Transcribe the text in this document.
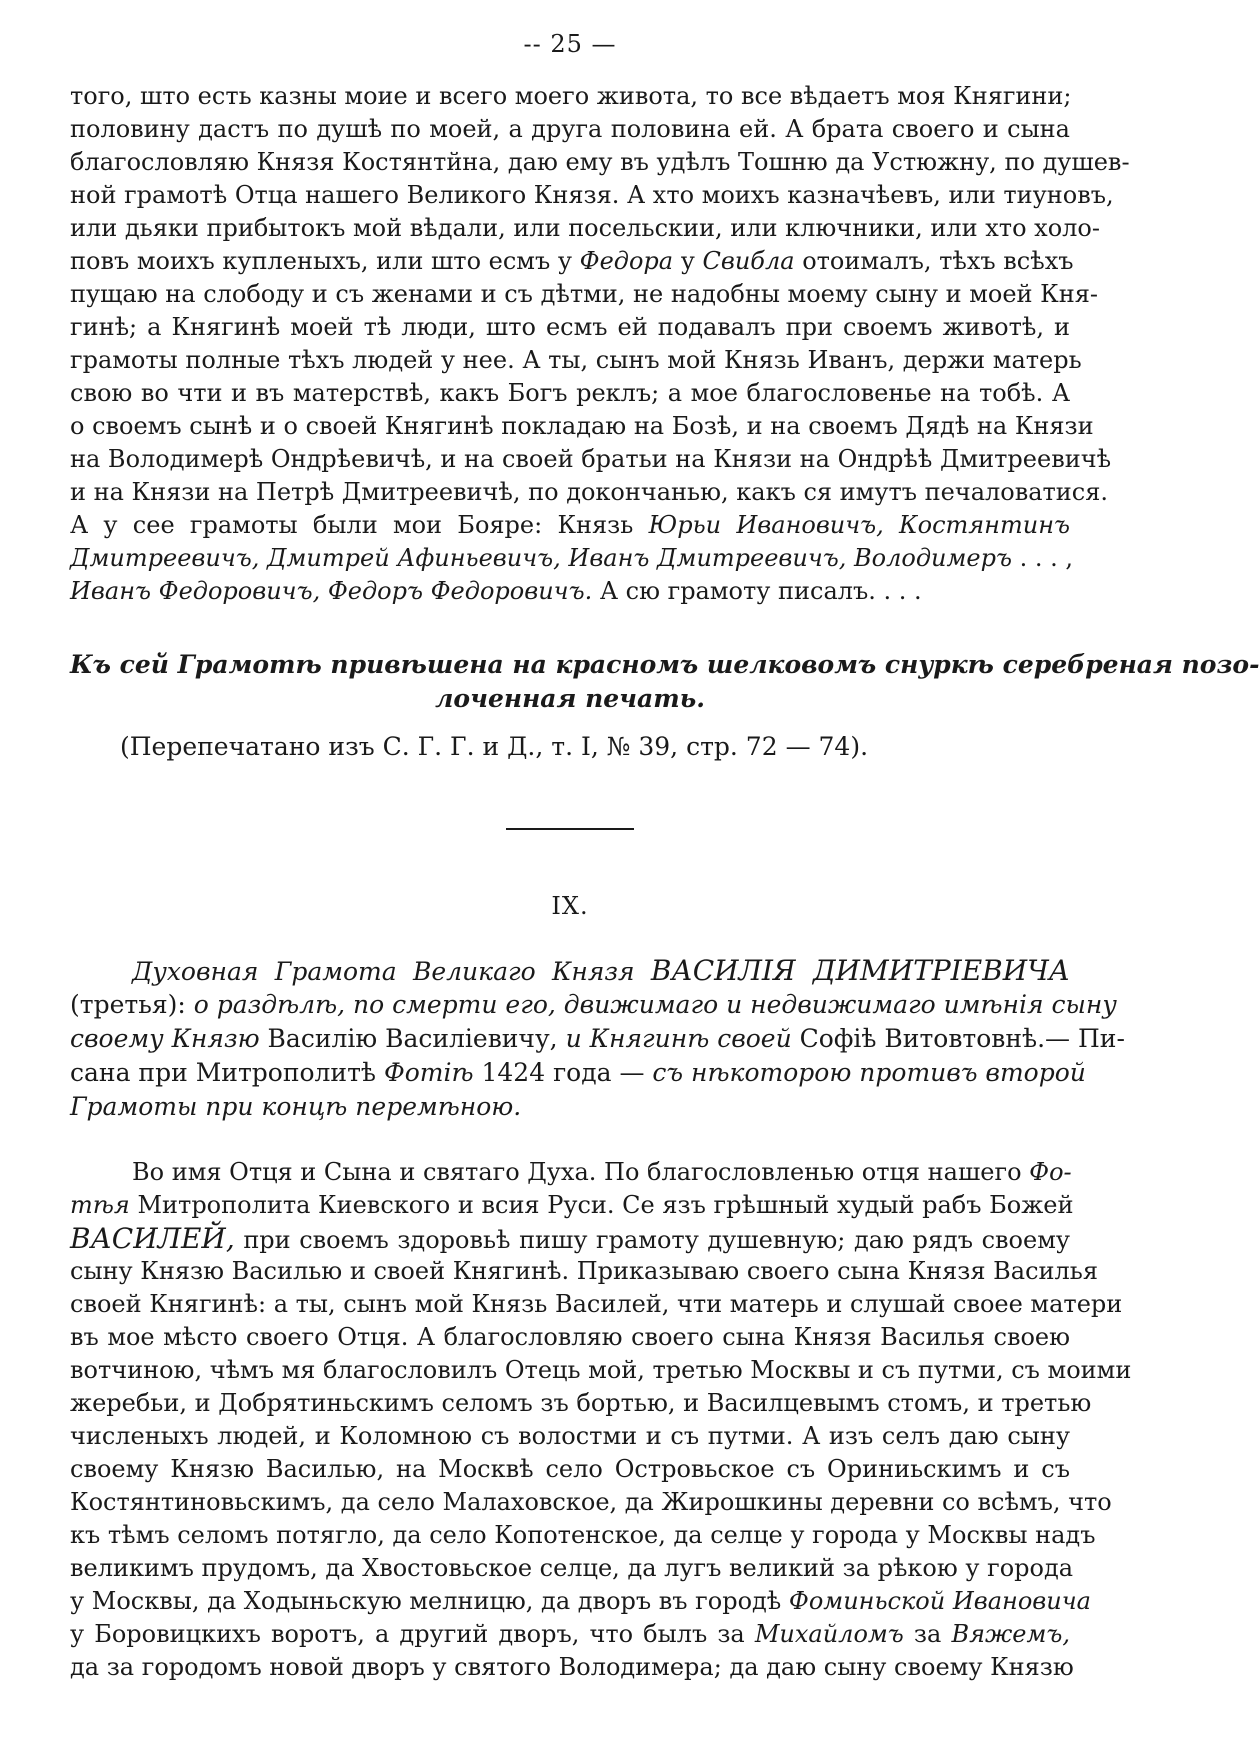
-- 25 —
того, што есть казны моие и всего моего живота, то все вѣдаетъ моя Княгини;
половину дастъ по душѣ по моей, а друга половина ей. А брата своего и сына
благословляю Князя Костянтйна, даю ему въ удѣлъ Тошню да Устюжну, по душев-
ной грамотѣ Отца нашего Великого Князя. А хто моихъ казначѣевъ, или тиуновъ,
или дьяки прибытокъ мой вѣдали, или посельскии, или ключники, или хто холо-
повъ моихъ купленыхъ, или што есмъ у Федора у Свибла отоималъ, тѣхъ всѣхъ
пущаю на слободу и съ женами и съ дѣтми, не надобны моему сыну и моей Кня-
гинѣ; а Княгинѣ моей тѣ люди, што есмъ ей подавалъ при своемъ животѣ, и
грамоты полные тѣхъ людей у нее. А ты, сынъ мой Князь Иванъ, держи матерь
свою во чти и въ матерствѣ, какъ Богъ реклъ; а мое благословенье на тобѣ. А
о своемъ сынѣ и о своей Княгинѣ покладаю на Бозѣ, и на своемъ Дядѣ на Князи
на Володимерѣ Ондрѣевичѣ, и на своей братьи на Князи на Ондрѣѣ Дмитреевичѣ
и на Князи на Петрѣ Дмитреевичѣ, по докончанью, какъ ся имутъ печаловатися.
А у сее грамоты были мои Бояре: Князь Юрьи Ивановичъ, Костянтинъ
Дмитреевичъ, Дмитрей Афиньевичъ, Иванъ Дмитреевичъ, Володимеръ . . . ,
Иванъ Федоровичъ, Федоръ Федоровичъ. А сю грамоту писалъ. . . .
Къ сей Грамотѣ привѣшена на красномъ шелковомъ снуркѣ серебреная позо-
лоченная печать.
(Перепечатано изъ С. Г. Г. и Д., т. I, № 39, стр. 72 — 74).
IX.
Духовная Грамота Великаго Князя ВАСИЛІЯ ДИМИТРІЕВИЧА
(третья): о раздѣлѣ, по смерти его, движимаго и недвижимаго имѣнія сыну
своему Князю Василію Василіевичу, и Княгинѣ своей Софіѣ Витовтовнѣ.— Пи-
сана при Митрополитѣ Фотіѣ 1424 года — съ нѣкоторою противъ второй
Грамоты при концѣ перемѣною.
Во имя Отця и Сына и святаго Духа. По благословленью отця нашего Фо-
тѣя Митрополита Киевского и всия Руси. Се язъ грѣшный худый рабъ Божей
ВАСИЛЕЙ, при своемъ здоровьѣ пишу грамоту душевную; даю рядъ своему
сыну Князю Василью и своей Княгинѣ. Приказываю своего сына Князя Василья
своей Княгинѣ: а ты, сынъ мой Князь Василей, чти матерь и слушай своее матери
въ мое мѣсто своего Отця. А благословляю своего сына Князя Василья своею
вотчиною, чѣмъ мя благословилъ Отець мой, третью Москвы и съ путми, съ моими
жеребьи, и Добрятиньскимъ селомъ зъ бортью, и Василцевымъ стомъ, и третью
численыхъ людей, и Коломною съ волостми и съ путми. А изъ селъ даю сыну
своему Князю Василью, на Москвѣ село Островьское съ Ориниьскимъ и съ
Костянтиновьскимъ, да село Малаховское, да Жирошкины деревни со всѣмъ, что
къ тѣмъ селомъ потягло, да село Копотенское, да селце у города у Москвы надъ
великимъ прудомъ, да Хвостовьское селце, да лугъ великий за рѣкою у города
у Москвы, да Ходыньскую мелницю, да дворъ въ городѣ Фоминьской Ивановича
у Боровицкихъ воротъ, а другий дворъ, что былъ за Михайломъ за Вяжемъ,
да за городомъ новой дворъ у святого Володимера; да даю сыну своему Князю
